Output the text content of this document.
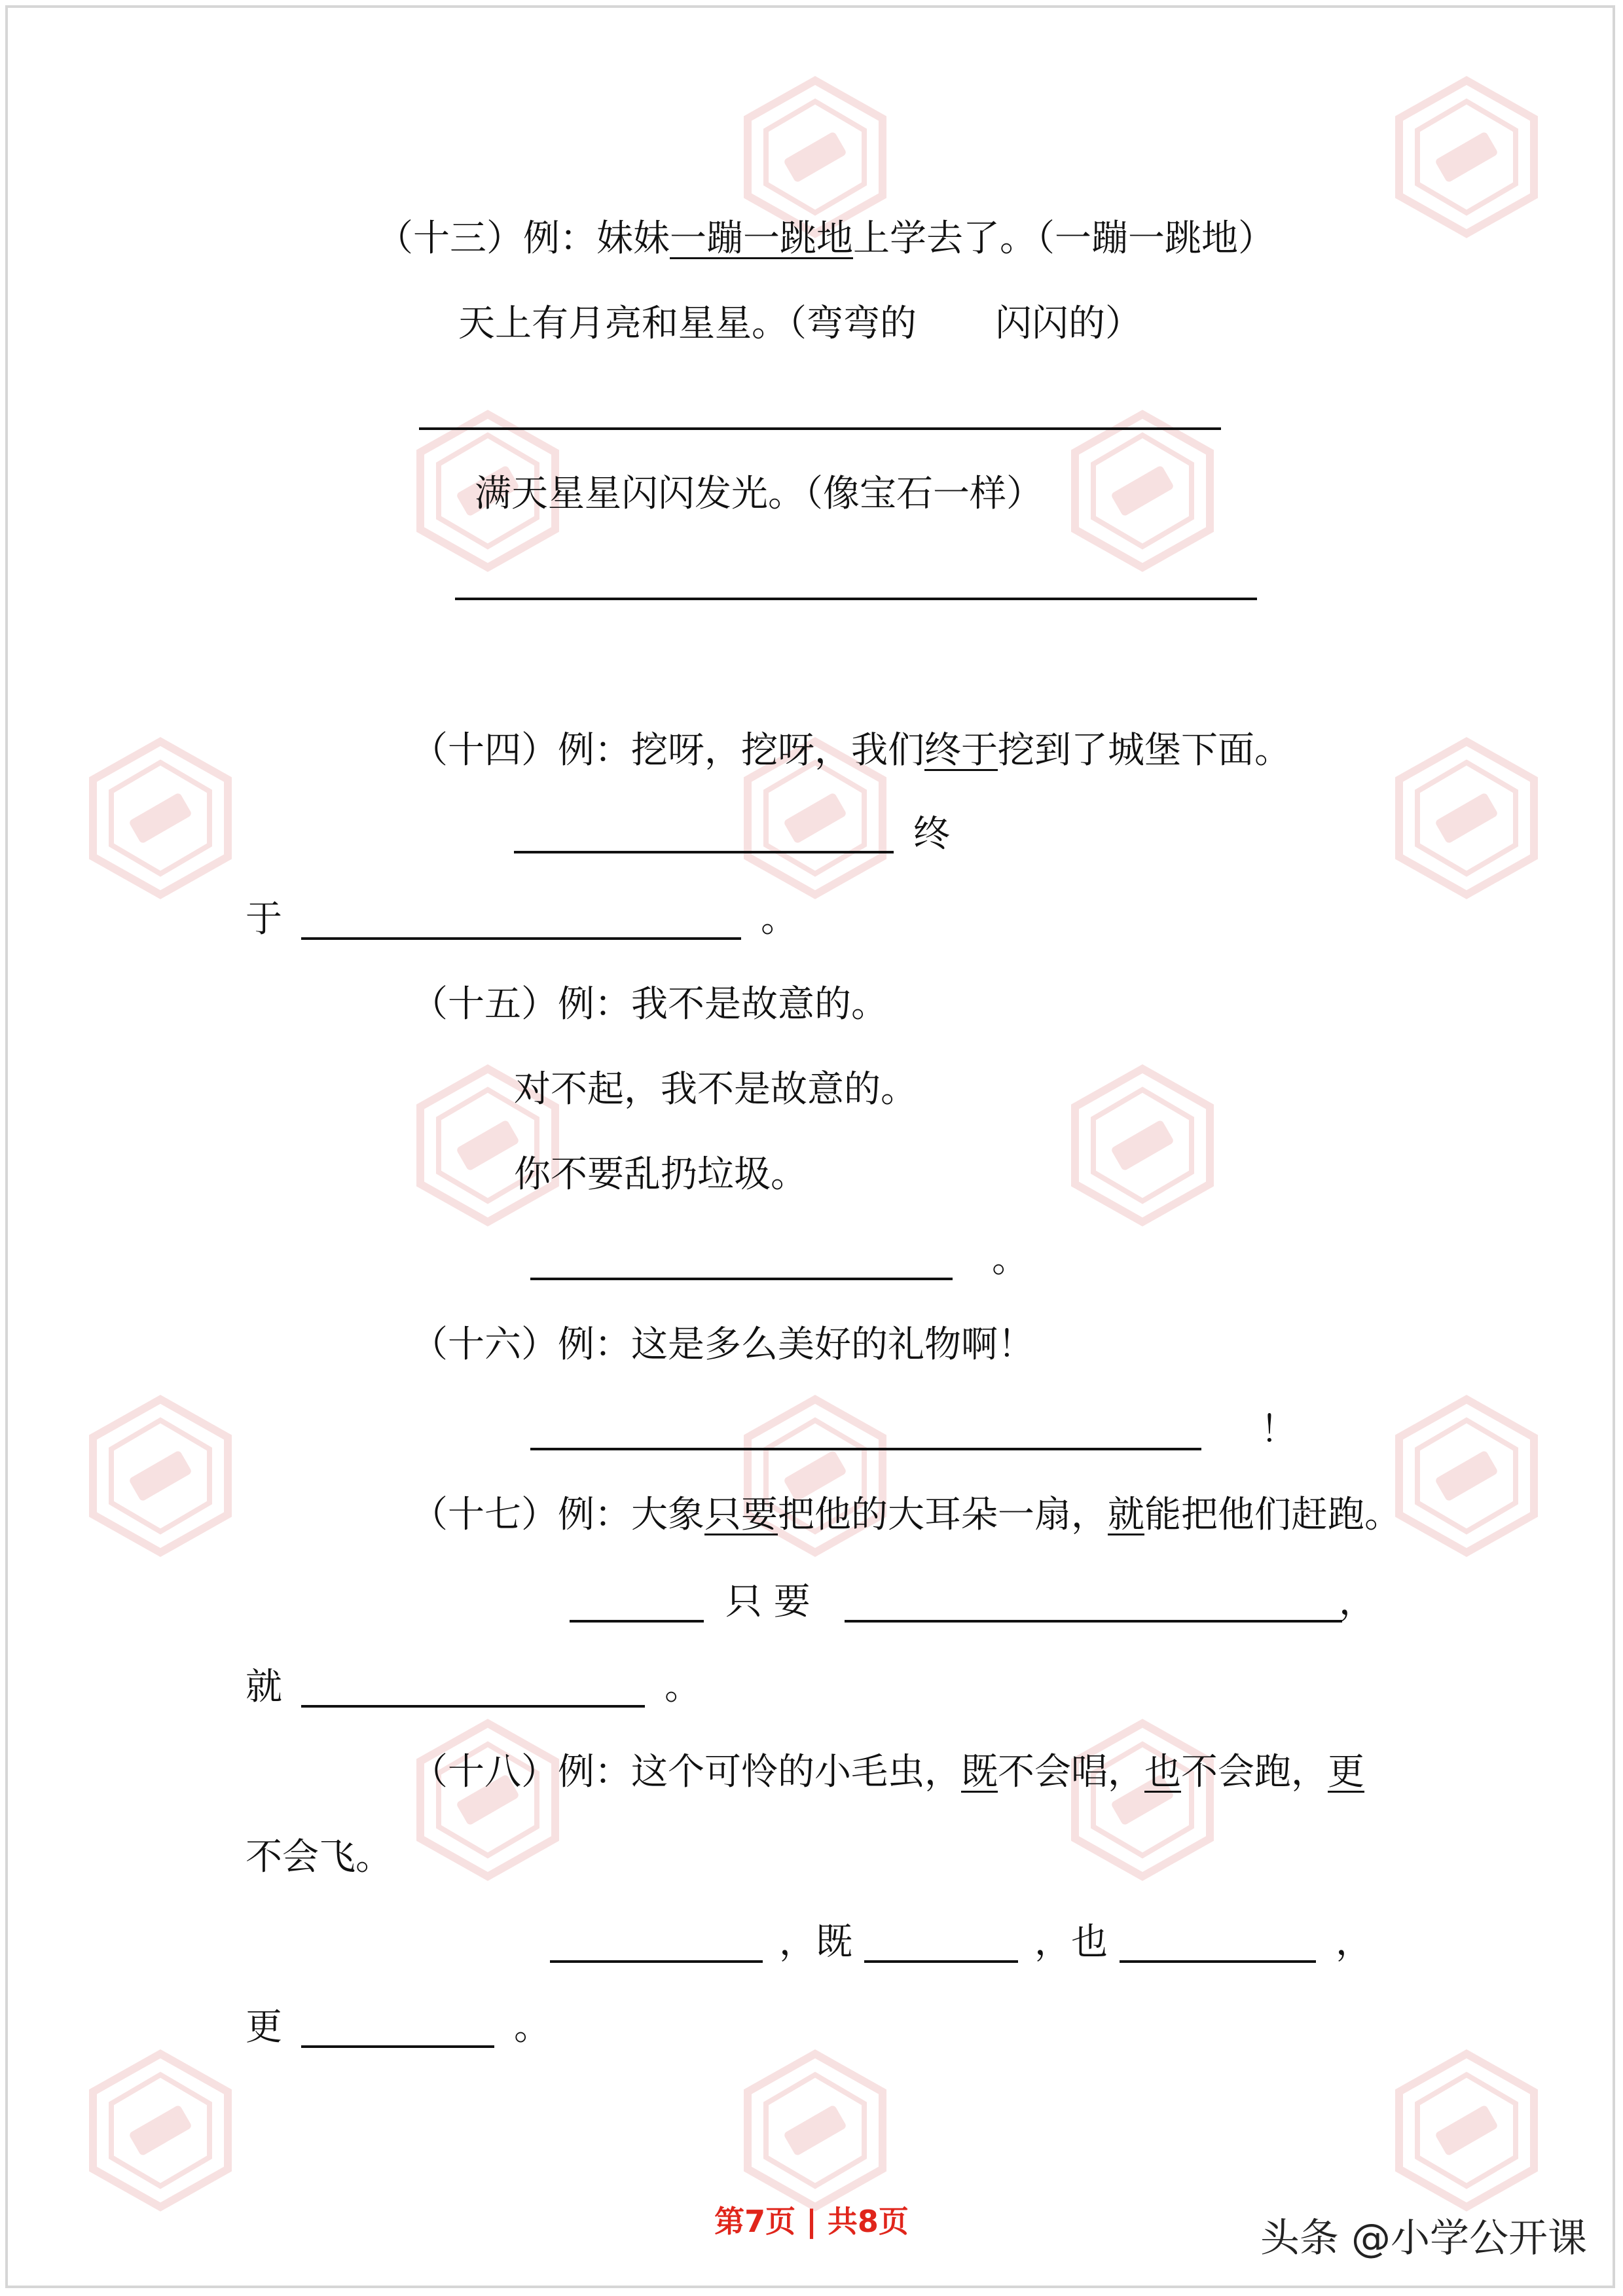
（十三）例：妹妹一蹦一跳地上学去了。（一蹦一跳地）
天上有月亮和星星。（弯弯的 闪闪的）
满天星星闪闪发光。（像宝石一样）
（十四）例：挖呀，挖呀，我们终于挖到了城堡下面。
终
于	。
（十五）例：我不是故意的。
对不起，我不是故意的。
你不要乱扔垃圾。
。
（十六）例：这是多么美好的礼物啊！
！
（十七）例：大象只要把他的大耳朵一扇，就能把他们赶跑。
只 要	，
就	。
（十八）例：这个可怜的小毛虫，既不会唱，也不会跑，更
不会飞。
，既	，也	，
更	。
第7页 | 共8页	头条 @小学公开课
